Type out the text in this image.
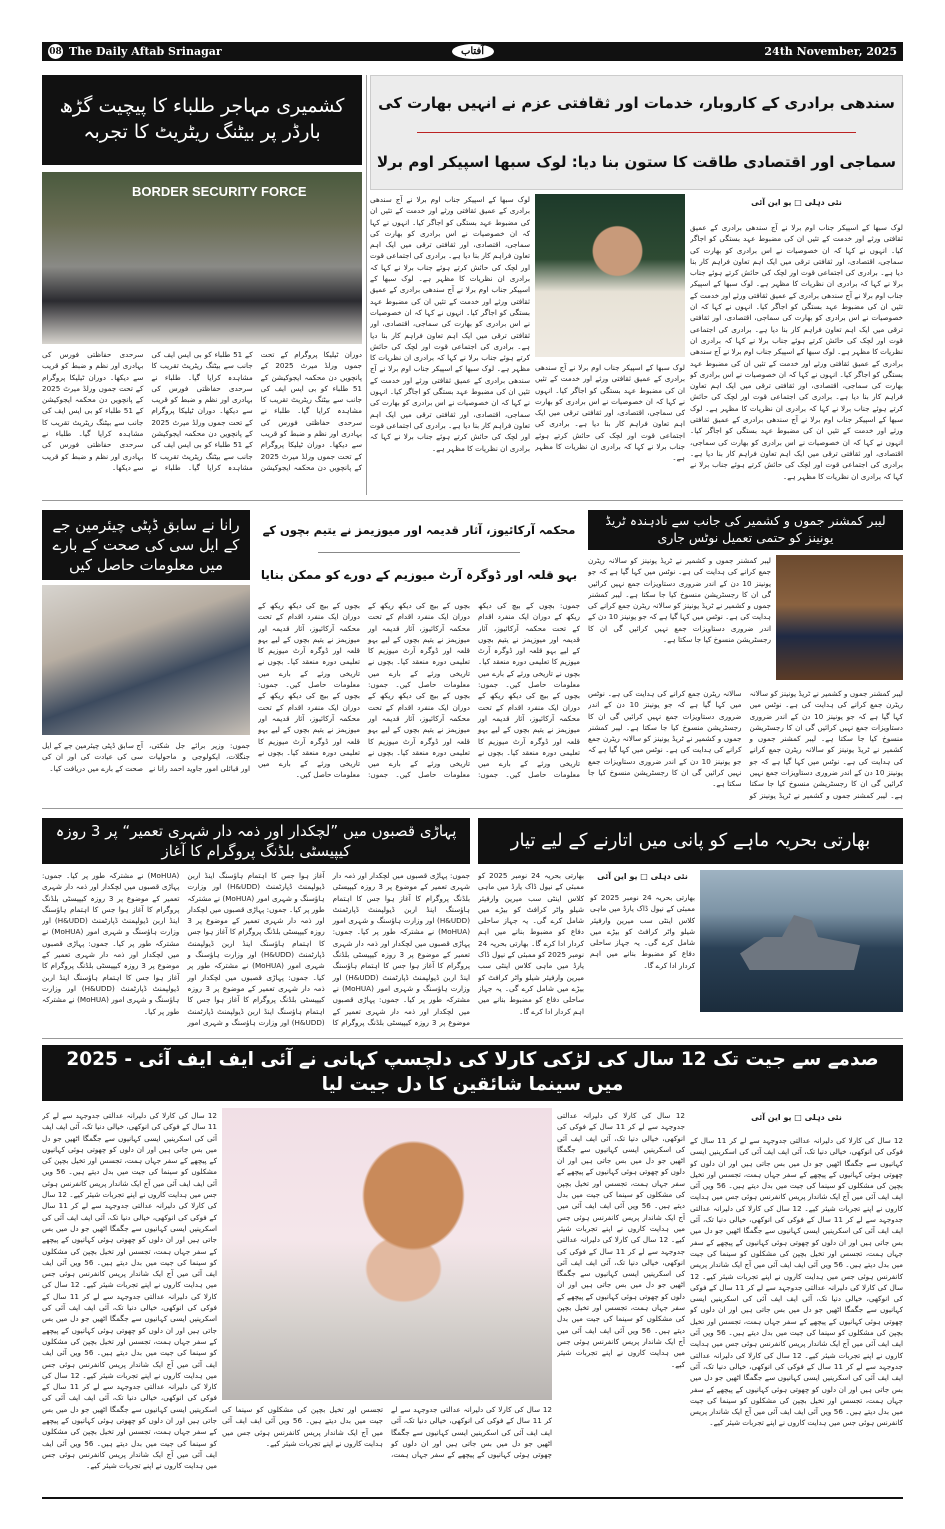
08 The Daily Aftab Srinagar	آفتاب	24th November, 2025
کشمیری مہاجر طلباء کا پیچیت گڑھ بارڈر پر بیٹنگ ریٹریٹ کا تجربہ
BORDER SECURITY FORCE
دوران ٹیلیکا پروگرام کے تحت جموں ورلڈ میرٹ 2025 کے پانچویں دن محکمہ ایجوکیشن کے 51 طلباء کو بی ایس ایف کی جانب سے بیٹنگ ریٹریٹ تقریب کا مشاہدہ کرایا گیا۔ طلباء نے سرحدی حفاظتی فورس کی بہادری اور نظم و ضبط کو قریب سے دیکھا۔ دوران ٹیلیکا پروگرام کے تحت جموں ورلڈ میرٹ 2025 کے پانچویں دن محکمہ ایجوکیشن کے 51 طلباء کو بی ایس ایف کی جانب سے بیٹنگ ریٹریٹ تقریب کا مشاہدہ کرایا گیا۔ طلباء نے سرحدی حفاظتی فورس کی بہادری اور نظم و ضبط کو قریب سے دیکھا۔ دوران ٹیلیکا پروگرام کے تحت جموں ورلڈ میرٹ 2025 کے پانچویں دن محکمہ ایجوکیشن کے 51 طلباء کو بی ایس ایف کی جانب سے بیٹنگ ریٹریٹ تقریب کا مشاہدہ کرایا گیا۔ طلباء نے سرحدی حفاظتی فورس کی بہادری اور نظم و ضبط کو قریب سے دیکھا۔ دوران ٹیلیکا پروگرام کے تحت جموں ورلڈ میرٹ 2025 کے پانچویں دن محکمہ ایجوکیشن کے 51 طلباء کو بی ایس ایف کی جانب سے بیٹنگ ریٹریٹ تقریب کا مشاہدہ کرایا گیا۔ طلباء نے سرحدی حفاظتی فورس کی بہادری اور نظم و ضبط کو قریب سے دیکھا۔
سندھی برادری کے کاروبار، خدمات اور ثقافتی عزم نے انہیں بھارت کی
سماجی اور اقتصادی طاقت کا ستون بنا دیا: لوک سبھا اسپیکر اوم برلا
نئی دہلی □ یو این آئی
لوک سبھا کے اسپیکر جناب اوم برلا نے آج سندھی برادری کے عمیق ثقافتی ورثے اور خدمت کے تئیں ان کی مضبوط عہد بستگی کو اجاگر کیا۔ انہوں نے کہا کہ ان خصوصیات نے اس برادری کو بھارت کی سماجی، اقتصادی، اور ثقافتی ترقی میں ایک اہم تعاون فراہم کار بنا دیا ہے۔ برادری کی اجتماعی قوت اور لچک کی حائش کرتے ہوئے جناب برلا نے کہا کہ برادری ان نظریات کا مظہر ہے۔ لوک سبھا کے اسپیکر جناب اوم برلا نے آج سندھی برادری کے عمیق ثقافتی ورثے اور خدمت کے تئیں ان کی مضبوط عہد بستگی کو اجاگر کیا۔ انہوں نے کہا کہ ان خصوصیات نے اس برادری کو بھارت کی سماجی، اقتصادی، اور ثقافتی ترقی میں ایک اہم تعاون فراہم کار بنا دیا ہے۔ برادری کی اجتماعی قوت اور لچک کی حائش کرتے ہوئے جناب برلا نے کہا کہ برادری ان نظریات کا مظہر ہے۔ لوک سبھا کے اسپیکر جناب اوم برلا نے آج سندھی برادری کے عمیق ثقافتی ورثے اور خدمت کے تئیں ان کی مضبوط عہد بستگی کو اجاگر کیا۔ انہوں نے کہا کہ ان خصوصیات نے اس برادری کو بھارت کی سماجی، اقتصادی، اور ثقافتی ترقی میں ایک اہم تعاون فراہم کار بنا دیا ہے۔ برادری کی اجتماعی قوت اور لچک کی حائش کرتے ہوئے جناب برلا نے کہا کہ برادری ان نظریات کا مظہر ہے۔ لوک سبھا کے اسپیکر جناب اوم برلا نے آج سندھی برادری کے عمیق ثقافتی ورثے اور خدمت کے تئیں ان کی مضبوط عہد بستگی کو اجاگر کیا۔ انہوں نے کہا کہ ان خصوصیات نے اس برادری کو بھارت کی سماجی، اقتصادی، اور ثقافتی ترقی میں ایک اہم تعاون فراہم کار بنا دیا ہے۔ برادری کی اجتماعی قوت اور لچک کی حائش کرتے ہوئے جناب برلا نے کہا کہ برادری ان نظریات کا مظہر ہے۔
لوک سبھا کے اسپیکر جناب اوم برلا نے آج سندھی برادری کے عمیق ثقافتی ورثے اور خدمت کے تئیں ان کی مضبوط عہد بستگی کو اجاگر کیا۔ انہوں نے کہا کہ ان خصوصیات نے اس برادری کو بھارت کی سماجی، اقتصادی، اور ثقافتی ترقی میں ایک اہم تعاون فراہم کار بنا دیا ہے۔ برادری کی اجتماعی قوت اور لچک کی حائش کرتے ہوئے جناب برلا نے کہا کہ برادری ان نظریات کا مظہر ہے۔
لوک سبھا کے اسپیکر جناب اوم برلا نے آج سندھی برادری کے عمیق ثقافتی ورثے اور خدمت کے تئیں ان کی مضبوط عہد بستگی کو اجاگر کیا۔ انہوں نے کہا کہ ان خصوصیات نے اس برادری کو بھارت کی سماجی، اقتصادی، اور ثقافتی ترقی میں ایک اہم تعاون فراہم کار بنا دیا ہے۔ برادری کی اجتماعی قوت اور لچک کی حائش کرتے ہوئے جناب برلا نے کہا کہ برادری ان نظریات کا مظہر ہے۔ لوک سبھا کے اسپیکر جناب اوم برلا نے آج سندھی برادری کے عمیق ثقافتی ورثے اور خدمت کے تئیں ان کی مضبوط عہد بستگی کو اجاگر کیا۔ انہوں نے کہا کہ ان خصوصیات نے اس برادری کو بھارت کی سماجی، اقتصادی، اور ثقافتی ترقی میں ایک اہم تعاون فراہم کار بنا دیا ہے۔ برادری کی اجتماعی قوت اور لچک کی حائش کرتے ہوئے جناب برلا نے کہا کہ برادری ان نظریات کا مظہر ہے۔ لوک سبھا کے اسپیکر جناب اوم برلا نے آج سندھی برادری کے عمیق ثقافتی ورثے اور خدمت کے تئیں ان کی مضبوط عہد بستگی کو اجاگر کیا۔ انہوں نے کہا کہ ان خصوصیات نے اس برادری کو بھارت کی سماجی، اقتصادی، اور ثقافتی ترقی میں ایک اہم تعاون فراہم کار بنا دیا ہے۔ برادری کی اجتماعی قوت اور لچک کی حائش کرتے ہوئے جناب برلا نے کہا کہ برادری ان نظریات کا مظہر ہے۔
رانا نے سابق ڈپٹی چیئرمین جے کے ایل سی کی صحت کے بارے میں معلومات حاصل کیں
جموں: وزیر برائے جل شکتی، جنگلات، ایکولوجی و ماحولیات اور قبائلی امور جاوید احمد رانا نے آج سابق ڈپٹی چیئرمین جے کے ایل سی کی عیادت کی اور ان کی صحت کے بارے میں دریافت کیا۔
محکمہ آرکائیوز، آثار قدیمہ اور میوزیمز نے یتیم بچوں کے
بہو قلعہ اور ڈوگرہ آرٹ میوزیم کے دورے کو ممکن بنایا
جموں: بچوں کے بیچ کی دیکھ ریکھ کے دوران ایک منفرد اقدام کے تحت محکمہ آرکائیوز، آثار قدیمہ اور میوزیمز نے یتیم بچوں کے لیے بہو قلعہ اور ڈوگرہ آرٹ میوزیم کا تعلیمی دورہ منعقد کیا۔ بچوں نے تاریخی ورثے کے بارے میں معلومات حاصل کیں۔ جموں: بچوں کے بیچ کی دیکھ ریکھ کے دوران ایک منفرد اقدام کے تحت محکمہ آرکائیوز، آثار قدیمہ اور میوزیمز نے یتیم بچوں کے لیے بہو قلعہ اور ڈوگرہ آرٹ میوزیم کا تعلیمی دورہ منعقد کیا۔ بچوں نے تاریخی ورثے کے بارے میں معلومات حاصل کیں۔ جموں: بچوں کے بیچ کی دیکھ ریکھ کے دوران ایک منفرد اقدام کے تحت محکمہ آرکائیوز، آثار قدیمہ اور میوزیمز نے یتیم بچوں کے لیے بہو قلعہ اور ڈوگرہ آرٹ میوزیم کا تعلیمی دورہ منعقد کیا۔ بچوں نے تاریخی ورثے کے بارے میں معلومات حاصل کیں۔ جموں: بچوں کے بیچ کی دیکھ ریکھ کے دوران ایک منفرد اقدام کے تحت محکمہ آرکائیوز، آثار قدیمہ اور میوزیمز نے یتیم بچوں کے لیے بہو قلعہ اور ڈوگرہ آرٹ میوزیم کا تعلیمی دورہ منعقد کیا۔ بچوں نے تاریخی ورثے کے بارے میں معلومات حاصل کیں۔ جموں: بچوں کے بیچ کی دیکھ ریکھ کے دوران ایک منفرد اقدام کے تحت محکمہ آرکائیوز، آثار قدیمہ اور میوزیمز نے یتیم بچوں کے لیے بہو قلعہ اور ڈوگرہ آرٹ میوزیم کا تعلیمی دورہ منعقد کیا۔ بچوں نے تاریخی ورثے کے بارے میں معلومات حاصل کیں۔ جموں: بچوں کے بیچ کی دیکھ ریکھ کے دوران ایک منفرد اقدام کے تحت محکمہ آرکائیوز، آثار قدیمہ اور میوزیمز نے یتیم بچوں کے لیے بہو قلعہ اور ڈوگرہ آرٹ میوزیم کا تعلیمی دورہ منعقد کیا۔ بچوں نے تاریخی ورثے کے بارے میں معلومات حاصل کیں۔
لیبر کمشنر جموں و کشمیر کی جانب سے نادہندہ ٹریڈ یونینز کو حتمی تعمیل نوٹس جاری
لیبر کمشنر جموں و کشمیر نے ٹریڈ یونینز کو سالانہ ریٹرن جمع کرانے کی ہدایت کی ہے۔ نوٹس میں کہا گیا ہے کہ جو یونینز 10 دن کے اندر ضروری دستاویزات جمع نہیں کرائیں گی ان کا رجسٹریشن منسوخ کیا جا سکتا ہے۔ لیبر کمشنر جموں و کشمیر نے ٹریڈ یونینز کو سالانہ ریٹرن جمع کرانے کی ہدایت کی ہے۔ نوٹس میں کہا گیا ہے کہ جو یونینز 10 دن کے اندر ضروری دستاویزات جمع نہیں کرائیں گی ان کا رجسٹریشن منسوخ کیا جا سکتا ہے۔
لیبر کمشنر جموں و کشمیر نے ٹریڈ یونینز کو سالانہ ریٹرن جمع کرانے کی ہدایت کی ہے۔ نوٹس میں کہا گیا ہے کہ جو یونینز 10 دن کے اندر ضروری دستاویزات جمع نہیں کرائیں گی ان کا رجسٹریشن منسوخ کیا جا سکتا ہے۔ لیبر کمشنر جموں و کشمیر نے ٹریڈ یونینز کو سالانہ ریٹرن جمع کرانے کی ہدایت کی ہے۔ نوٹس میں کہا گیا ہے کہ جو یونینز 10 دن کے اندر ضروری دستاویزات جمع نہیں کرائیں گی ان کا رجسٹریشن منسوخ کیا جا سکتا ہے۔ لیبر کمشنر جموں و کشمیر نے ٹریڈ یونینز کو سالانہ ریٹرن جمع کرانے کی ہدایت کی ہے۔ نوٹس میں کہا گیا ہے کہ جو یونینز 10 دن کے اندر ضروری دستاویزات جمع نہیں کرائیں گی ان کا رجسٹریشن منسوخ کیا جا سکتا ہے۔ لیبر کمشنر جموں و کشمیر نے ٹریڈ یونینز کو سالانہ ریٹرن جمع کرانے کی ہدایت کی ہے۔ نوٹس میں کہا گیا ہے کہ جو یونینز 10 دن کے اندر ضروری دستاویزات جمع نہیں کرائیں گی ان کا رجسٹریشن منسوخ کیا جا سکتا ہے۔
پہاڑی قصبوں میں ”لچکدار اور ذمہ دار شہری تعمیر“ پر 3 روزہ کیپیسٹی بلڈنگ پروگرام کا آغاز
جموں: پہاڑی قصبوں میں لچکدار اور ذمہ دار شہری تعمیر کے موضوع پر 3 روزہ کیپیسٹی بلڈنگ پروگرام کا آغاز ہوا جس کا اہتمام ہاؤسنگ اینڈ اربن ڈیولپمنٹ ڈپارٹمنٹ (H&UDD) اور وزارت ہاؤسنگ و شہری امور (MoHUA) نے مشترکہ طور پر کیا۔ جموں: پہاڑی قصبوں میں لچکدار اور ذمہ دار شہری تعمیر کے موضوع پر 3 روزہ کیپیسٹی بلڈنگ پروگرام کا آغاز ہوا جس کا اہتمام ہاؤسنگ اینڈ اربن ڈیولپمنٹ ڈپارٹمنٹ (H&UDD) اور وزارت ہاؤسنگ و شہری امور (MoHUA) نے مشترکہ طور پر کیا۔ جموں: پہاڑی قصبوں میں لچکدار اور ذمہ دار شہری تعمیر کے موضوع پر 3 روزہ کیپیسٹی بلڈنگ پروگرام کا آغاز ہوا جس کا اہتمام ہاؤسنگ اینڈ اربن ڈیولپمنٹ ڈپارٹمنٹ (H&UDD) اور وزارت ہاؤسنگ و شہری امور (MoHUA) نے مشترکہ طور پر کیا۔ جموں: پہاڑی قصبوں میں لچکدار اور ذمہ دار شہری تعمیر کے موضوع پر 3 روزہ کیپیسٹی بلڈنگ پروگرام کا آغاز ہوا جس کا اہتمام ہاؤسنگ اینڈ اربن ڈیولپمنٹ ڈپارٹمنٹ (H&UDD) اور وزارت ہاؤسنگ و شہری امور (MoHUA) نے مشترکہ طور پر کیا۔ جموں: پہاڑی قصبوں میں لچکدار اور ذمہ دار شہری تعمیر کے موضوع پر 3 روزہ کیپیسٹی بلڈنگ پروگرام کا آغاز ہوا جس کا اہتمام ہاؤسنگ اینڈ اربن ڈیولپمنٹ ڈپارٹمنٹ (H&UDD) اور وزارت ہاؤسنگ و شہری امور (MoHUA) نے مشترکہ طور پر کیا۔ جموں: پہاڑی قصبوں میں لچکدار اور ذمہ دار شہری تعمیر کے موضوع پر 3 روزہ کیپیسٹی بلڈنگ پروگرام کا آغاز ہوا جس کا اہتمام ہاؤسنگ اینڈ اربن ڈیولپمنٹ ڈپارٹمنٹ (H&UDD) اور وزارت ہاؤسنگ و شہری امور (MoHUA) نے مشترکہ طور پر کیا۔ جموں: پہاڑی قصبوں میں لچکدار اور ذمہ دار شہری تعمیر کے موضوع پر 3 روزہ کیپیسٹی بلڈنگ پروگرام کا آغاز ہوا جس کا اہتمام ہاؤسنگ اینڈ اربن ڈیولپمنٹ ڈپارٹمنٹ (H&UDD) اور وزارت ہاؤسنگ و شہری امور (MoHUA) نے مشترکہ طور پر کیا۔
بھارتی بحریہ ماہے کو پانی میں اتارنے کے لیے تیار
نئی دہلی □ یو این آئی
بھارتی بحریہ 24 نومبر 2025 کو ممبئی کے نیول ڈاک یارڈ میں ماہی کلاس اینٹی سب میرین وارفیئر شیلو واٹر کرافٹ کو بیڑے میں شامل کرے گی۔ یہ جہاز ساحلی دفاع کو مضبوط بنانے میں اہم کردار ادا کرے گا۔
بھارتی بحریہ 24 نومبر 2025 کو ممبئی کے نیول ڈاک یارڈ میں ماہی کلاس اینٹی سب میرین وارفیئر شیلو واٹر کرافٹ کو بیڑے میں شامل کرے گی۔ یہ جہاز ساحلی دفاع کو مضبوط بنانے میں اہم کردار ادا کرے گا۔ بھارتی بحریہ 24 نومبر 2025 کو ممبئی کے نیول ڈاک یارڈ میں ماہی کلاس اینٹی سب میرین وارفیئر شیلو واٹر کرافٹ کو بیڑے میں شامل کرے گی۔ یہ جہاز ساحلی دفاع کو مضبوط بنانے میں اہم کردار ادا کرے گا۔
صدمے سے جیت تک 12 سال کی لڑکی کارلا کی دلچسپ کہانی نے آئی ایف ایف آئی - 2025 میں سینما شائقین کا دل جیت لیا
نئی دہلی □ یو این آئی
12 سال کی کارلا کی دلیرانہ عدالتی جدوجہد سے لے کر 11 سال کے فوکی کی انوکھی، خیالی دنیا تک، آئی ایف ایف آئی کی اسکرینیں ایسی کہانیوں سے جگمگا اٹھیں جو دل میں بس جاتی ہیں اور ان دلوں کو چھوتی ہوئی کہانیوں کے پیچھے کے سفر جہاں ہمت، تجسس اور تخیل بچپن کی مشکلوں کو سینما کی جیت میں بدل دیتے ہیں۔ 56 ویں آئی ایف ایف آئی میں آج ایک شاندار پریس کانفرنس ہوئی جس میں ہدایت کاروں نے اپنے تجربات شیئر کیے۔ 12 سال کی کارلا کی دلیرانہ عدالتی جدوجہد سے لے کر 11 سال کے فوکی کی انوکھی، خیالی دنیا تک، آئی ایف ایف آئی کی اسکرینیں ایسی کہانیوں سے جگمگا اٹھیں جو دل میں بس جاتی ہیں اور ان دلوں کو چھوتی ہوئی کہانیوں کے پیچھے کے سفر جہاں ہمت، تجسس اور تخیل بچپن کی مشکلوں کو سینما کی جیت میں بدل دیتے ہیں۔ 56 ویں آئی ایف ایف آئی میں آج ایک شاندار پریس کانفرنس ہوئی جس میں ہدایت کاروں نے اپنے تجربات شیئر کیے۔ 12 سال کی کارلا کی دلیرانہ عدالتی جدوجہد سے لے کر 11 سال کے فوکی کی انوکھی، خیالی دنیا تک، آئی ایف ایف آئی کی اسکرینیں ایسی کہانیوں سے جگمگا اٹھیں جو دل میں بس جاتی ہیں اور ان دلوں کو چھوتی ہوئی کہانیوں کے پیچھے کے سفر جہاں ہمت، تجسس اور تخیل بچپن کی مشکلوں کو سینما کی جیت میں بدل دیتے ہیں۔ 56 ویں آئی ایف ایف آئی میں آج ایک شاندار پریس کانفرنس ہوئی جس میں ہدایت کاروں نے اپنے تجربات شیئر کیے۔ 12 سال کی کارلا کی دلیرانہ عدالتی جدوجہد سے لے کر 11 سال کے فوکی کی انوکھی، خیالی دنیا تک، آئی ایف ایف آئی کی اسکرینیں ایسی کہانیوں سے جگمگا اٹھیں جو دل میں بس جاتی ہیں اور ان دلوں کو چھوتی ہوئی کہانیوں کے پیچھے کے سفر جہاں ہمت، تجسس اور تخیل بچپن کی مشکلوں کو سینما کی جیت میں بدل دیتے ہیں۔ 56 ویں آئی ایف ایف آئی میں آج ایک شاندار پریس کانفرنس ہوئی جس میں ہدایت کاروں نے اپنے تجربات شیئر کیے۔
12 سال کی کارلا کی دلیرانہ عدالتی جدوجہد سے لے کر 11 سال کے فوکی کی انوکھی، خیالی دنیا تک، آئی ایف ایف آئی کی اسکرینیں ایسی کہانیوں سے جگمگا اٹھیں جو دل میں بس جاتی ہیں اور ان دلوں کو چھوتی ہوئی کہانیوں کے پیچھے کے سفر جہاں ہمت، تجسس اور تخیل بچپن کی مشکلوں کو سینما کی جیت میں بدل دیتے ہیں۔ 56 ویں آئی ایف ایف آئی میں آج ایک شاندار پریس کانفرنس ہوئی جس میں ہدایت کاروں نے اپنے تجربات شیئر کیے۔ 12 سال کی کارلا کی دلیرانہ عدالتی جدوجہد سے لے کر 11 سال کے فوکی کی انوکھی، خیالی دنیا تک، آئی ایف ایف آئی کی اسکرینیں ایسی کہانیوں سے جگمگا اٹھیں جو دل میں بس جاتی ہیں اور ان دلوں کو چھوتی ہوئی کہانیوں کے پیچھے کے سفر جہاں ہمت، تجسس اور تخیل بچپن کی مشکلوں کو سینما کی جیت میں بدل دیتے ہیں۔ 56 ویں آئی ایف ایف آئی میں آج ایک شاندار پریس کانفرنس ہوئی جس میں ہدایت کاروں نے اپنے تجربات شیئر کیے۔
12 سال کی کارلا کی دلیرانہ عدالتی جدوجہد سے لے کر 11 سال کے فوکی کی انوکھی، خیالی دنیا تک، آئی ایف ایف آئی کی اسکرینیں ایسی کہانیوں سے جگمگا اٹھیں جو دل میں بس جاتی ہیں اور ان دلوں کو چھوتی ہوئی کہانیوں کے پیچھے کے سفر جہاں ہمت، تجسس اور تخیل بچپن کی مشکلوں کو سینما کی جیت میں بدل دیتے ہیں۔ 56 ویں آئی ایف ایف آئی میں آج ایک شاندار پریس کانفرنس ہوئی جس میں ہدایت کاروں نے اپنے تجربات شیئر کیے۔
12 سال کی کارلا کی دلیرانہ عدالتی جدوجہد سے لے کر 11 سال کے فوکی کی انوکھی، خیالی دنیا تک، آئی ایف ایف آئی کی اسکرینیں ایسی کہانیوں سے جگمگا اٹھیں جو دل میں بس جاتی ہیں اور ان دلوں کو چھوتی ہوئی کہانیوں کے پیچھے کے سفر جہاں ہمت، تجسس اور تخیل بچپن کی مشکلوں کو سینما کی جیت میں بدل دیتے ہیں۔ 56 ویں آئی ایف ایف آئی میں آج ایک شاندار پریس کانفرنس ہوئی جس میں ہدایت کاروں نے اپنے تجربات شیئر کیے۔ 12 سال کی کارلا کی دلیرانہ عدالتی جدوجہد سے لے کر 11 سال کے فوکی کی انوکھی، خیالی دنیا تک، آئی ایف ایف آئی کی اسکرینیں ایسی کہانیوں سے جگمگا اٹھیں جو دل میں بس جاتی ہیں اور ان دلوں کو چھوتی ہوئی کہانیوں کے پیچھے کے سفر جہاں ہمت، تجسس اور تخیل بچپن کی مشکلوں کو سینما کی جیت میں بدل دیتے ہیں۔ 56 ویں آئی ایف ایف آئی میں آج ایک شاندار پریس کانفرنس ہوئی جس میں ہدایت کاروں نے اپنے تجربات شیئر کیے۔ 12 سال کی کارلا کی دلیرانہ عدالتی جدوجہد سے لے کر 11 سال کے فوکی کی انوکھی، خیالی دنیا تک، آئی ایف ایف آئی کی اسکرینیں ایسی کہانیوں سے جگمگا اٹھیں جو دل میں بس جاتی ہیں اور ان دلوں کو چھوتی ہوئی کہانیوں کے پیچھے کے سفر جہاں ہمت، تجسس اور تخیل بچپن کی مشکلوں کو سینما کی جیت میں بدل دیتے ہیں۔ 56 ویں آئی ایف ایف آئی میں آج ایک شاندار پریس کانفرنس ہوئی جس میں ہدایت کاروں نے اپنے تجربات شیئر کیے۔ 12 سال کی کارلا کی دلیرانہ عدالتی جدوجہد سے لے کر 11 سال کے فوکی کی انوکھی، خیالی دنیا تک، آئی ایف ایف آئی کی اسکرینیں ایسی کہانیوں سے جگمگا اٹھیں جو دل میں بس جاتی ہیں اور ان دلوں کو چھوتی ہوئی کہانیوں کے پیچھے کے سفر جہاں ہمت، تجسس اور تخیل بچپن کی مشکلوں کو سینما کی جیت میں بدل دیتے ہیں۔ 56 ویں آئی ایف ایف آئی میں آج ایک شاندار پریس کانفرنس ہوئی جس میں ہدایت کاروں نے اپنے تجربات شیئر کیے۔
